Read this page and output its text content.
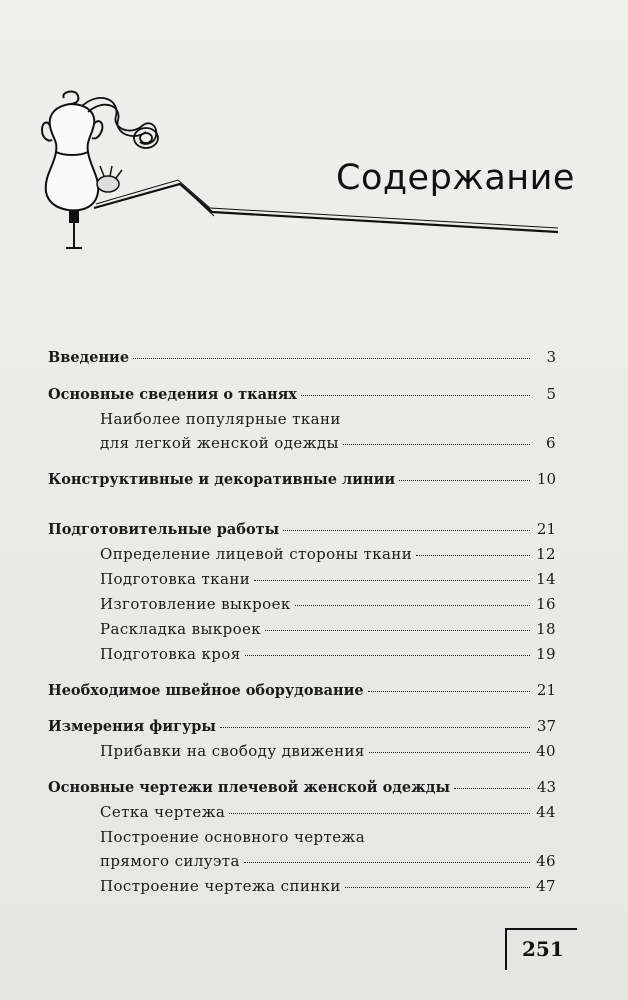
Содержание
Введение	3
Основные сведения о тканях	5
Наиболее популярные ткани
для легкой женской одежды	6
Конструктивные и декоративные линии	10
Подготовительные работы	21
Определение лицевой стороны ткани	12
Подготовка ткани	14
Изготовление выкроек	16
Раскладка выкроек	18
Подготовка кроя	19
Необходимое швейное оборудование	21
Измерения фигуры	37
Прибавки на свободу движения	40
Основные чертежи плечевой женской одежды	43
Сетка чертежа	44
Построение основного чертежа
прямого силуэта	46
Построение чертежа спинки	47
251
